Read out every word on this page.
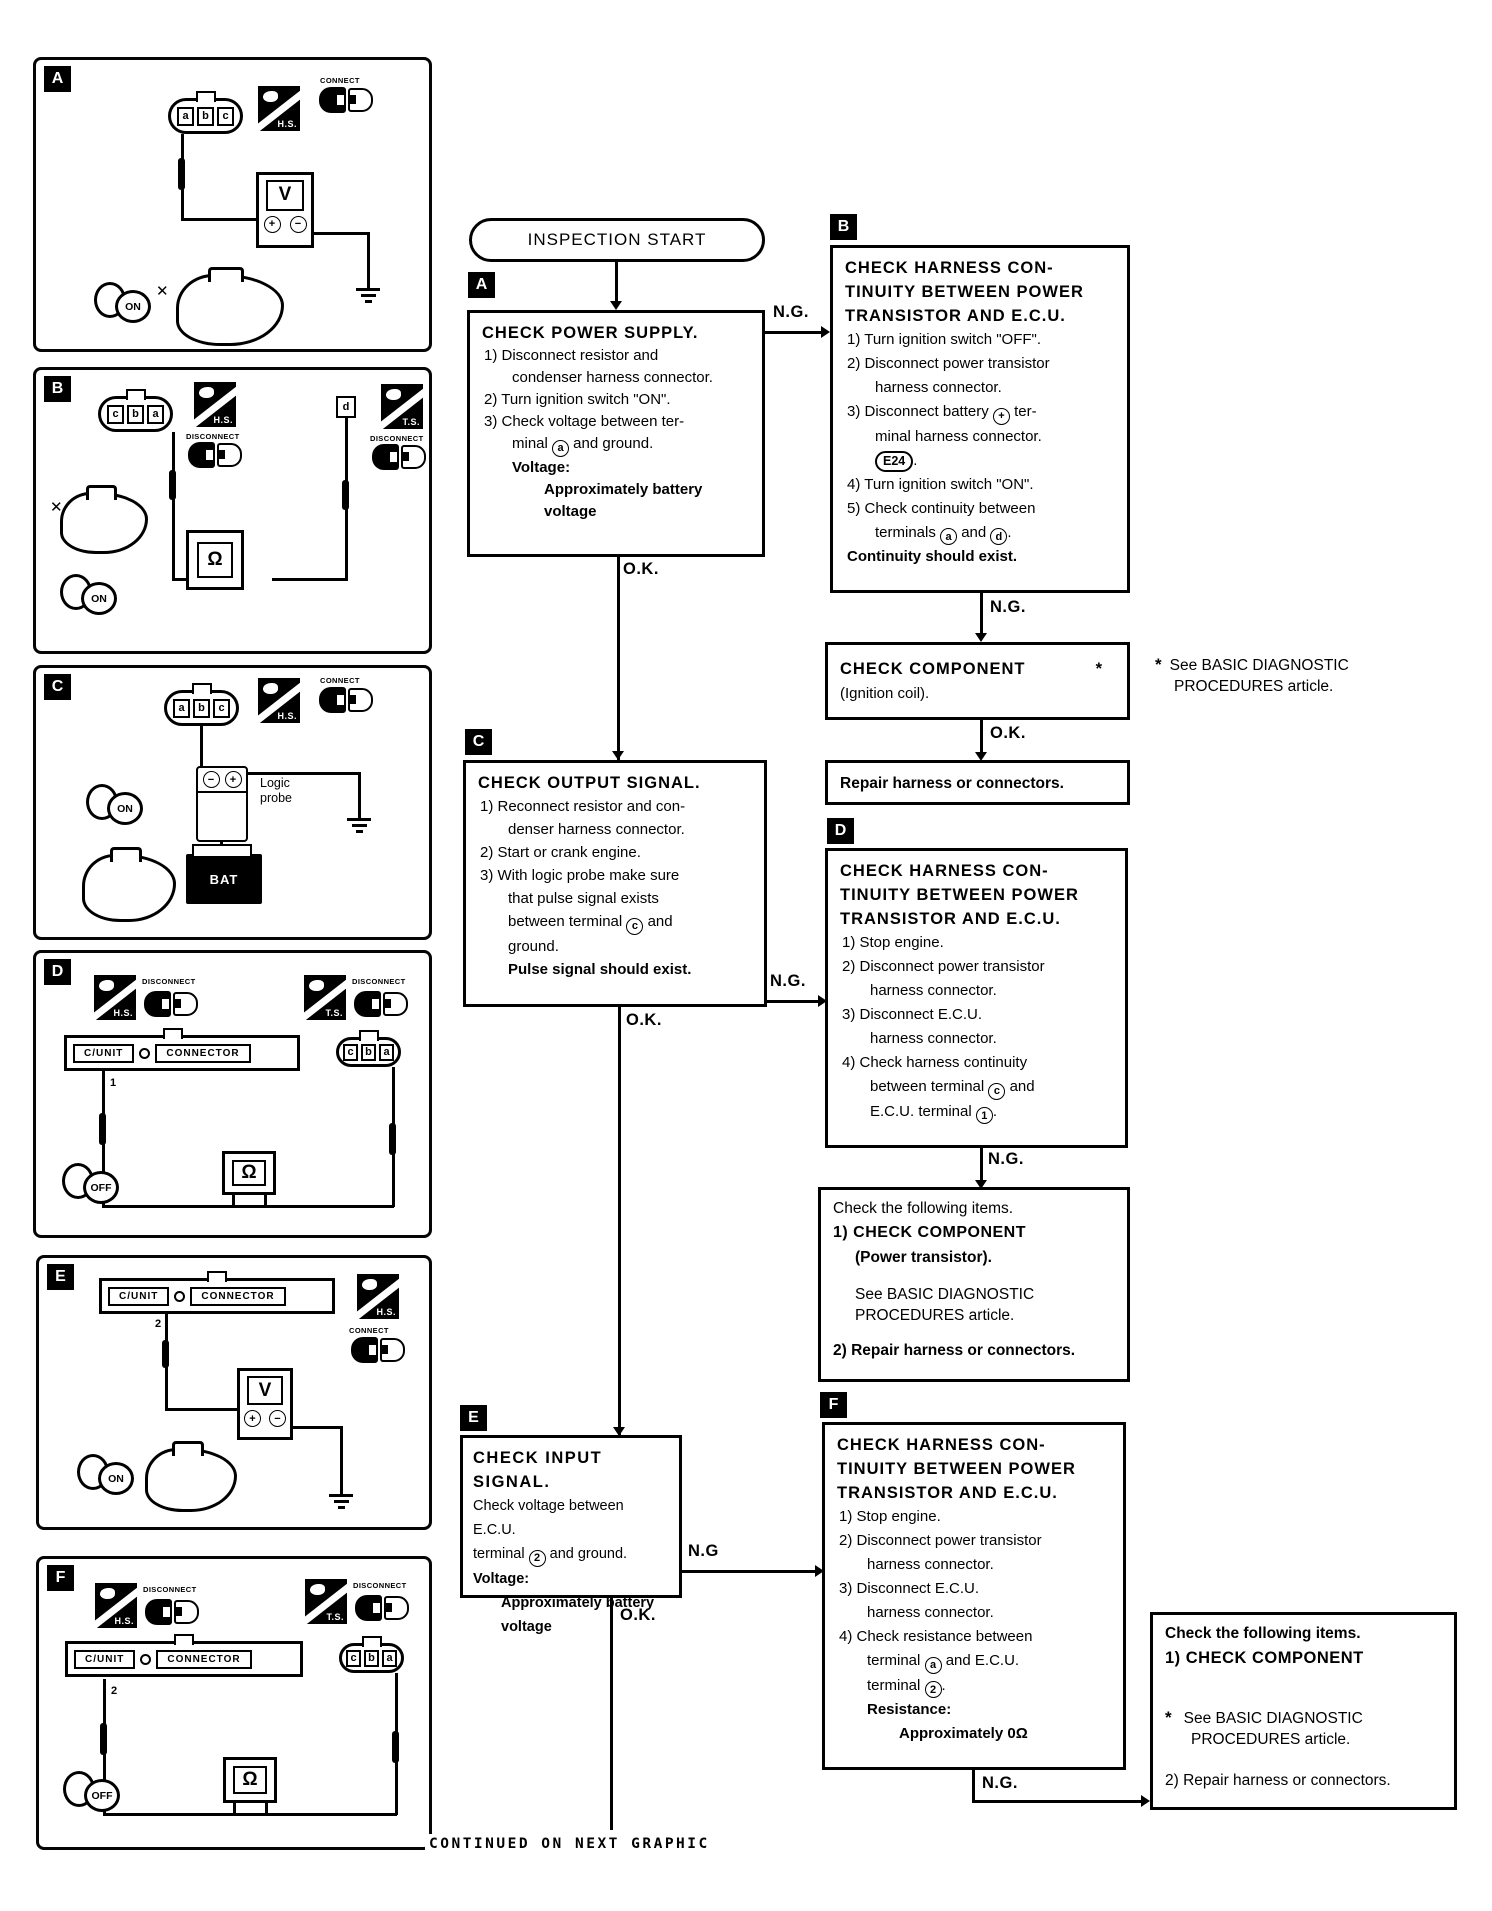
A
a	b	c
H.S.
CONNECT
V
+	−
ON
✕
B
c	b	a	H.S.
DISCONNECT
d
T.S.
DISCONNECT
Ω
✕
ON
C
a	b	c
H.S.
CONNECT
−	+	Logic probe
BAT
ON
D
H.S.
DISCONNECT
T.S.
DISCONNECT
C/UNIT	CONNECTOR	c	b	a
1
Ω
OFF
E
C/UNIT	CONNECTOR
H.S.
CONNECT
2
V
+	−
ON
F
H.S.
DISCONNECT
T.S.
DISCONNECT
C/UNIT	CONNECTOR	c	b	a
2
Ω
OFF
INSPECTION START
A
CHECK POWER SUPPLY.
1) Disconnect resistor and
condenser harness connector.
2) Turn ignition switch "ON".
3) Check voltage between ter-
minal a and ground.
Voltage:
Approximately battery
voltage
O.K.
N.G.
B
CHECK HARNESS CON-
TINUITY BETWEEN POWER
TRANSISTOR AND E.C.U.
1) Turn ignition switch "OFF".
2) Disconnect power transistor
harness connector.
3) Disconnect battery + ter-
minal harness connector.
E24 .
4) Turn ignition switch "ON".
5) Check continuity between
terminals a and d .
Continuity should exist.
N.G.
CHECK COMPONENT	*
(Ignition coil).
* See BASIC DIAGNOSTIC
PROCEDURES article.
O.K.
Repair harness or connectors.
C
CHECK OUTPUT SIGNAL.
1) Reconnect resistor and con-
denser harness connector.
2) Start or crank engine.
3) With logic probe make sure
that pulse signal exists
between terminal c and
ground.
Pulse signal should exist.
O.K.
N.G.
D
CHECK HARNESS CON-
TINUITY BETWEEN POWER
TRANSISTOR AND E.C.U.
1) Stop engine.
2) Disconnect power transistor
harness connector.
3) Disconnect E.C.U.
harness connector.
4) Check harness continuity
between terminal c and
E.C.U. terminal 1 .
N.G.
Check the following items.
1) CHECK COMPONENT
(Power transistor).
See BASIC DIAGNOSTIC
PROCEDURES article.
2) Repair harness or connectors.
E
CHECK INPUT SIGNAL.
Check voltage between E.C.U.
terminal 2 and ground.
Voltage:
Approximately battery
voltage
O.K.
N.G
F
CHECK HARNESS CON-
TINUITY BETWEEN POWER
TRANSISTOR AND E.C.U.
1) Stop engine.
2) Disconnect power transistor
harness connector.
3) Disconnect E.C.U.
harness connector.
4) Check resistance between
terminal a and E.C.U.
terminal 2 .
Resistance:
Approximately 0Ω
N.G.
Check the following items.
1) CHECK COMPONENT
* See BASIC DIAGNOSTIC
PROCEDURES article.
2) Repair harness or connectors.
CONTINUED ON NEXT GRAPHIC
